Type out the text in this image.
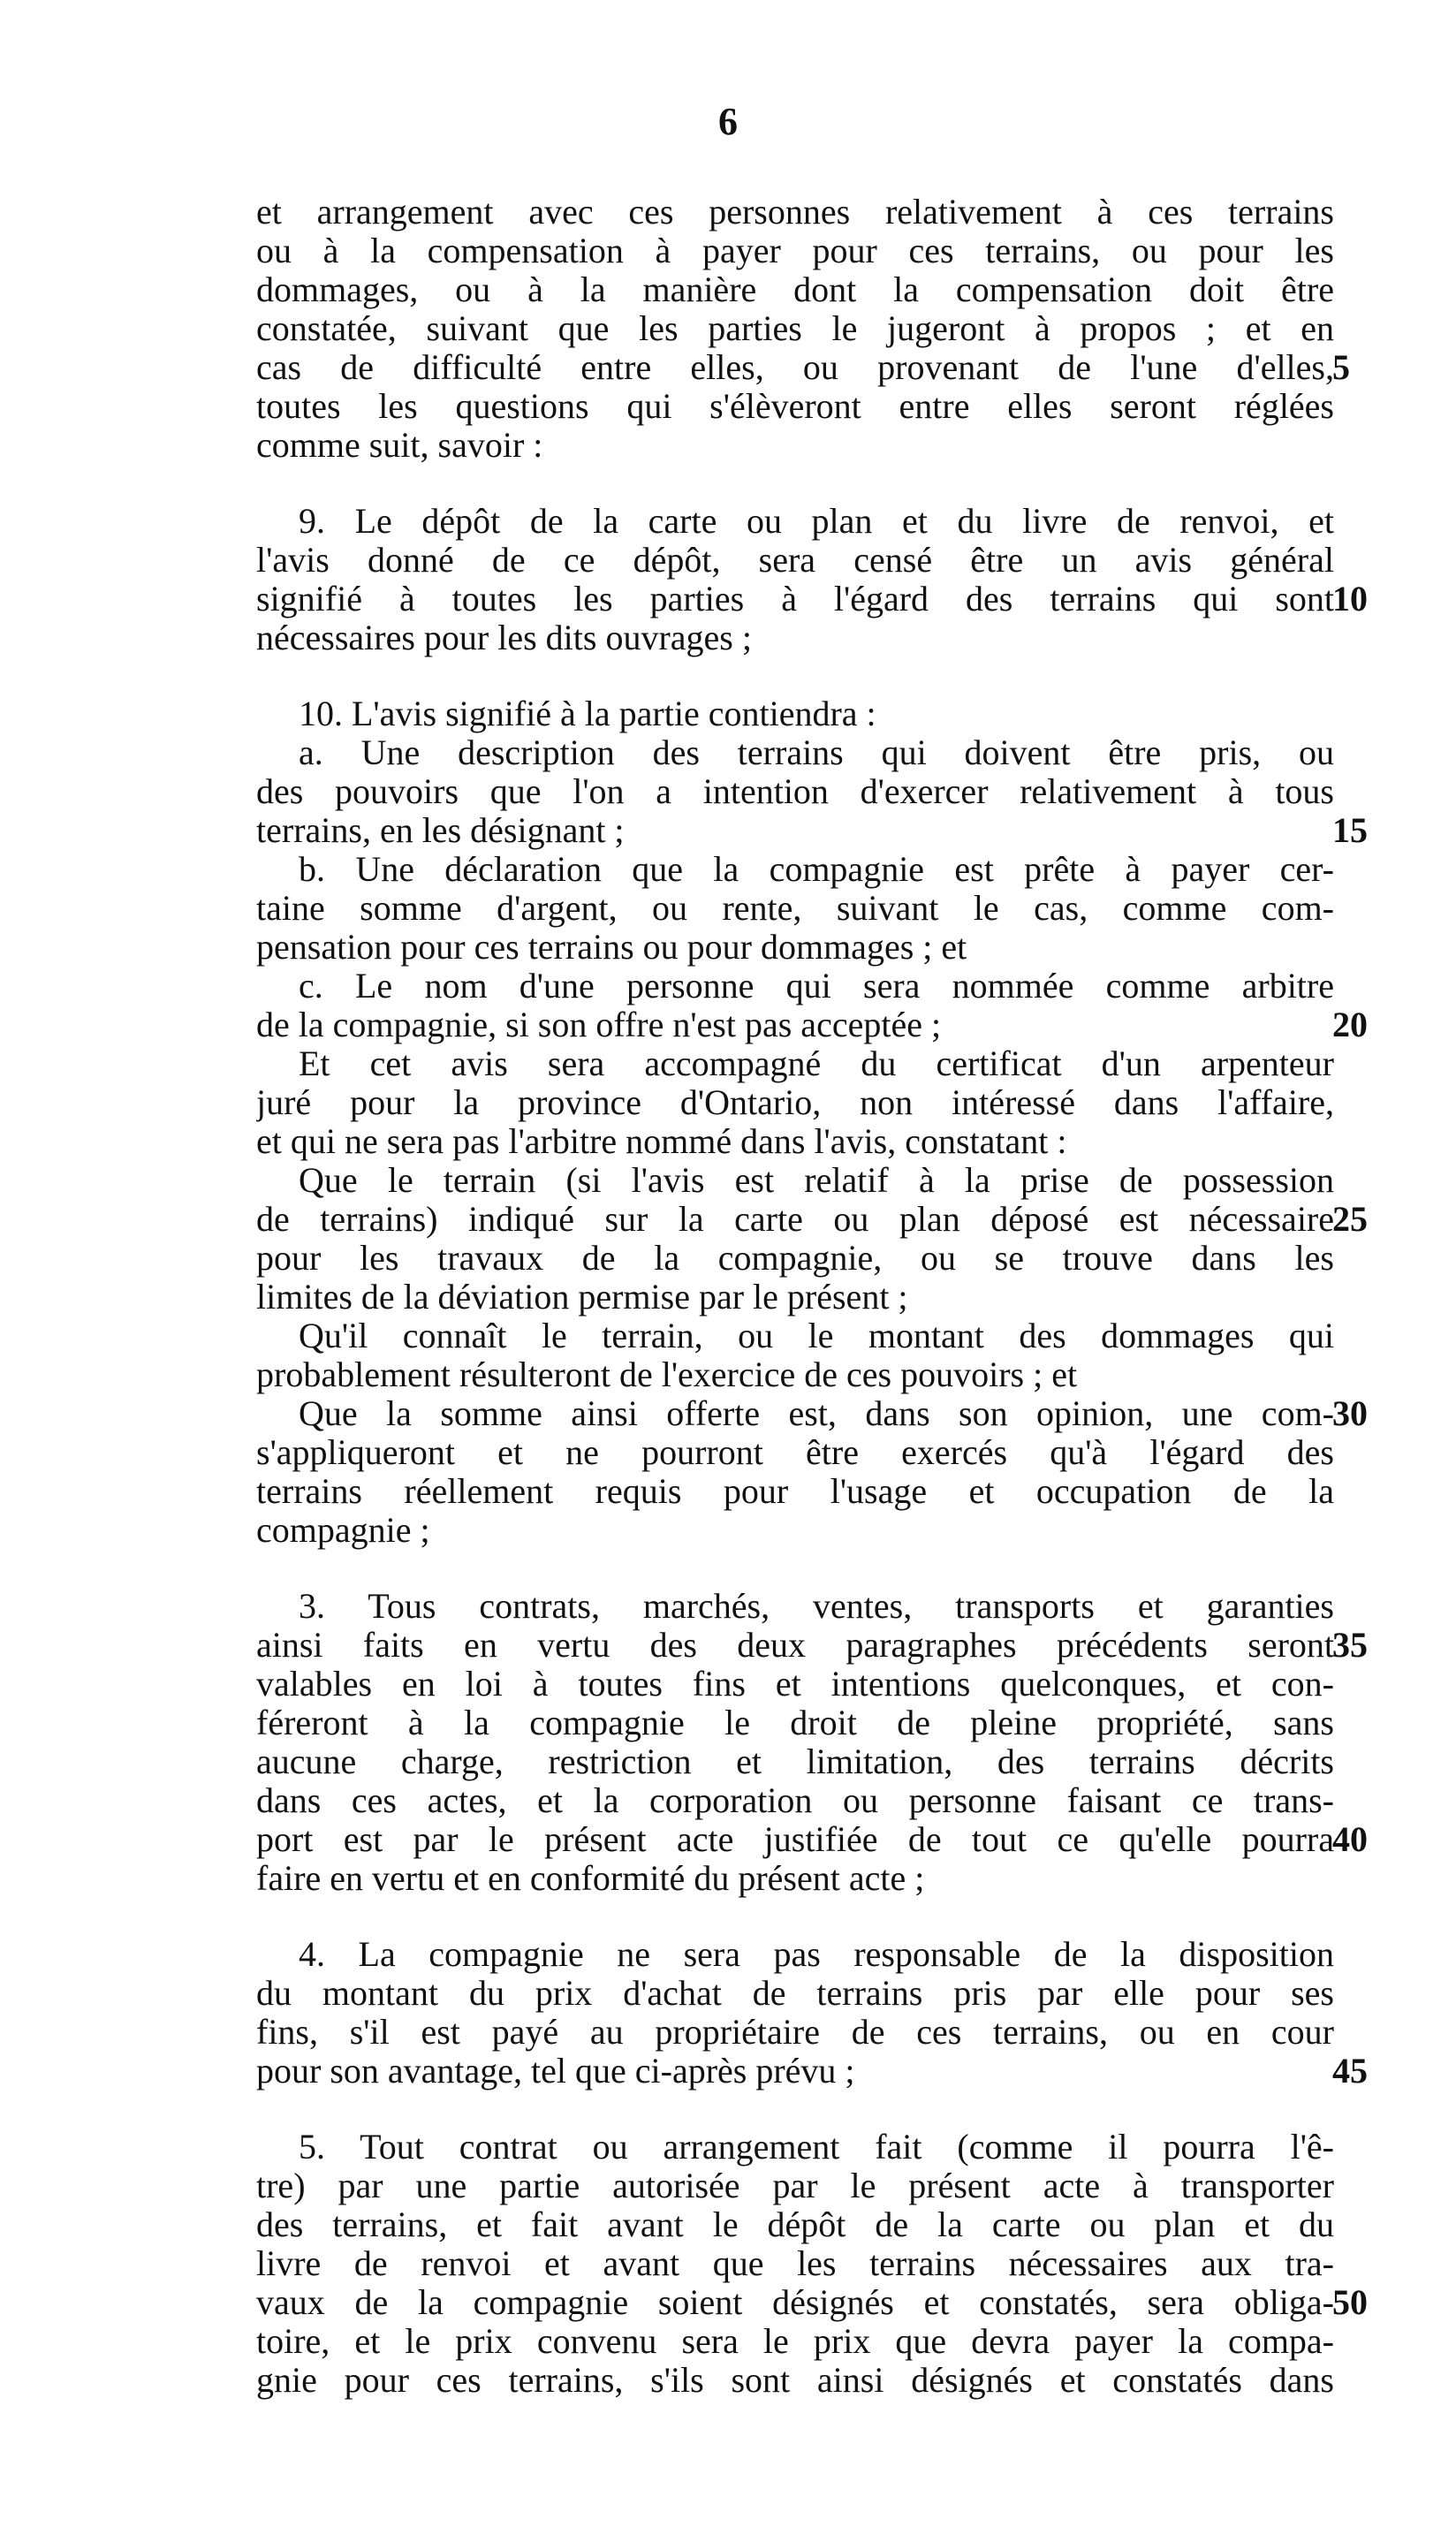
6
et arrangement avec ces personnes relativement à ces terrains
ou à la compensation à payer pour ces terrains, ou pour les
dommages, ou à la manière dont la compensation doit être
constatée, suivant que les parties le jugeront à propos ; et en
cas de difficulté entre elles, ou provenant de l'une d'elles,
toutes les questions qui s'élèveront entre elles seront réglées
comme suit, savoir :
9. Le dépôt de la carte ou plan et du livre de renvoi, et
l'avis donné de ce dépôt, sera censé être un avis général
signifié à toutes les parties à l'égard des terrains qui sont
nécessaires pour les dits ouvrages ;
10. L'avis signifié à la partie contiendra :
a. Une description des terrains qui doivent être pris, ou
des pouvoirs que l'on a intention d'exercer relativement à tous
terrains, en les désignant ;
b. Une déclaration que la compagnie est prête à payer cer-
taine somme d'argent, ou rente, suivant le cas, comme com-
pensation pour ces terrains ou pour dommages ; et
c. Le nom d'une personne qui sera nommée comme arbitre
de la compagnie, si son offre n'est pas acceptée ;
Et cet avis sera accompagné du certificat d'un arpenteur
juré pour la province d'Ontario, non intéressé dans l'affaire,
et qui ne sera pas l'arbitre nommé dans l'avis, constatant :
Que le terrain (si l'avis est relatif à la prise de possession
de terrains) indiqué sur la carte ou plan déposé est nécessaire
pour les travaux de la compagnie, ou se trouve dans les
limites de la déviation permise par le présent ;
Qu'il connaît le terrain, ou le montant des dommages qui
probablement résulteront de l'exercice de ces pouvoirs ; et
Que la somme ainsi offerte est, dans son opinion, une com-
s'appliqueront et ne pourront être exercés qu'à l'égard des
terrains réellement requis pour l'usage et occupation de la
compagnie ;
3. Tous contrats, marchés, ventes, transports et garanties
ainsi faits en vertu des deux paragraphes précédents seront
valables en loi à toutes fins et intentions quelconques, et con-
féreront à la compagnie le droit de pleine propriété, sans
aucune charge, restriction et limitation, des terrains décrits
dans ces actes, et la corporation ou personne faisant ce trans-
port est par le présent acte justifiée de tout ce qu'elle pourra
faire en vertu et en conformité du présent acte ;
4. La compagnie ne sera pas responsable de la disposition
du montant du prix d'achat de terrains pris par elle pour ses
fins, s'il est payé au propriétaire de ces terrains, ou en cour
pour son avantage, tel que ci-après prévu ;
5. Tout contrat ou arrangement fait (comme il pourra l'ê-
tre) par une partie autorisée par le présent acte à transporter
des terrains, et fait avant le dépôt de la carte ou plan et du
livre de renvoi et avant que les terrains nécessaires aux tra-
vaux de la compagnie soient désignés et constatés, sera obliga-
toire, et le prix convenu sera le prix que devra payer la compa-
gnie pour ces terrains, s'ils sont ainsi désignés et constatés dans
5
10
15
20
25
30
35
40
45
50
